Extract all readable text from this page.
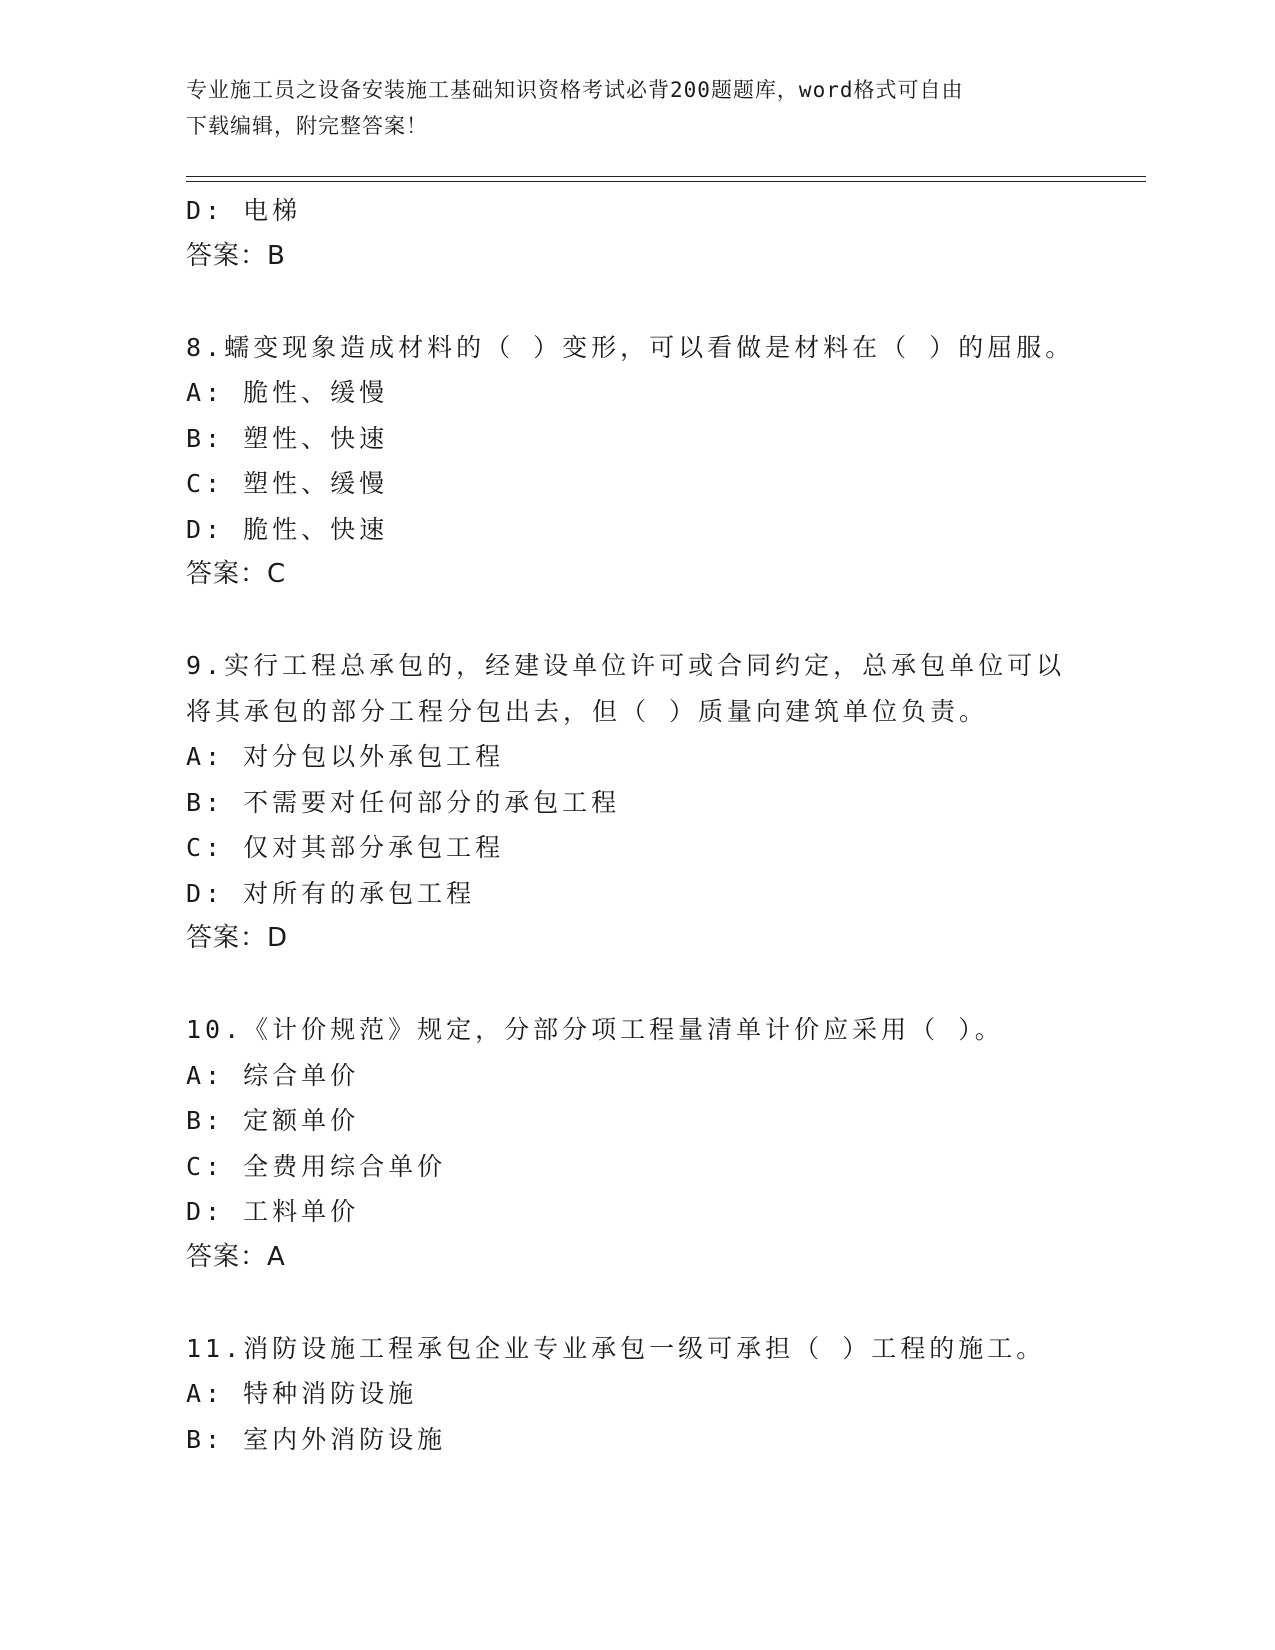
专业施工员之设备安装施工基础知识资格考试必背200题题库，word格式可自由
下载编辑，附完整答案！
D: 电梯
答案：B
8.蠕变现象造成材料的（ ）变形，可以看做是材料在（ ）的屈服。
A: 脆性、缓慢
B: 塑性、快速
C: 塑性、缓慢
D: 脆性、快速
答案：C
9.实行工程总承包的，经建设单位许可或合同约定，总承包单位可以
将其承包的部分工程分包出去，但（ ）质量向建筑单位负责。
A: 对分包以外承包工程
B: 不需要对任何部分的承包工程
C: 仅对其部分承包工程
D: 对所有的承包工程
答案：D
10.《计价规范》规定，分部分项工程量清单计价应采用（ ）。
A: 综合单价
B: 定额单价
C: 全费用综合单价
D: 工料单价
答案：A
11.消防设施工程承包企业专业承包一级可承担（ ）工程的施工。
A: 特种消防设施
B: 室内外消防设施
